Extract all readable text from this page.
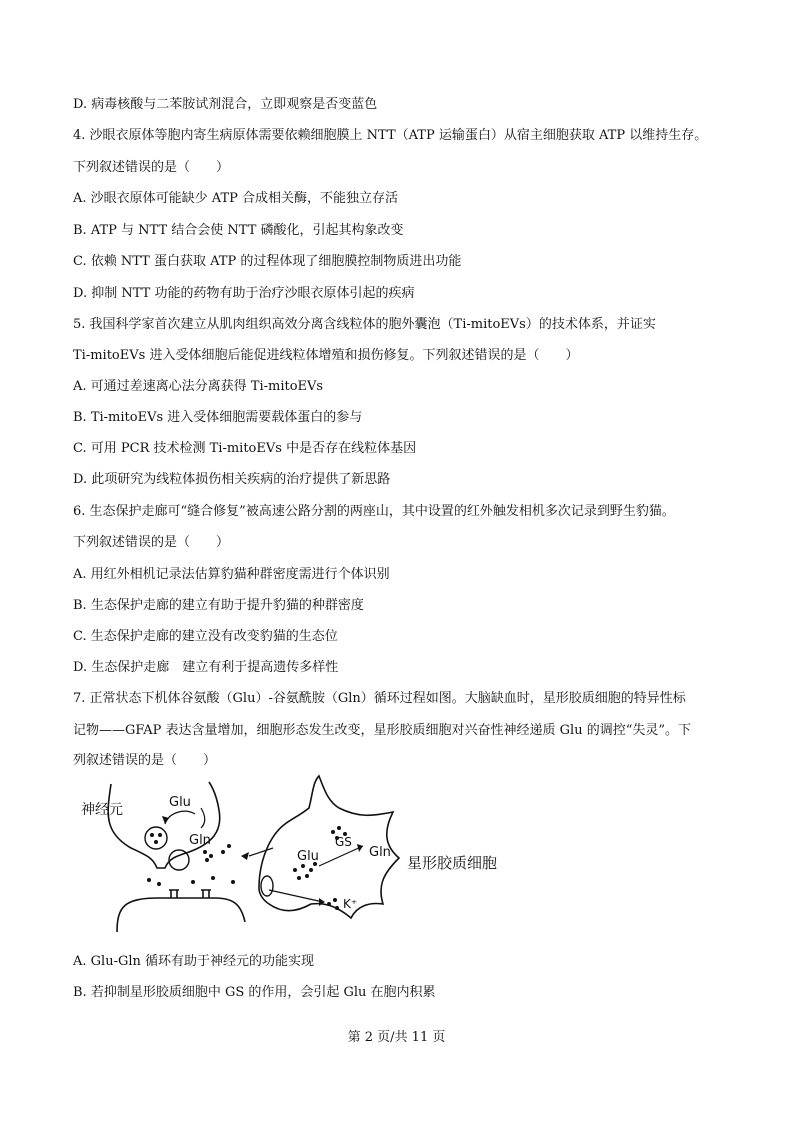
D. 病毒核酸与二苯胺试剂混合，立即观察是否变蓝色
4. 沙眼衣原体等胞内寄生病原体需要依赖细胞膜上 NTT（ATP 运输蛋白）从宿主细胞获取 ATP 以维持生存。
下列叙述错误的是（　　）
A. 沙眼衣原体可能缺少 ATP 合成相关酶，不能独立存活
B. ATP 与 NTT 结合会使 NTT 磷酸化，引起其构象改变
C. 依赖 NTT 蛋白获取 ATP 的过程体现了细胞膜控制物质进出功能
D. 抑制 NTT 功能的药物有助于治疗沙眼衣原体引起的疾病
5. 我国科学家首次建立从肌肉组织高效分离含线粒体的胞外囊泡（Ti-mitoEVs）的技术体系，并证实
Ti-mitoEVs 进入受体细胞后能促进线粒体增殖和损伤修复。下列叙述错误的是（　　）
A. 可通过差速离心法分离获得 Ti-mitoEVs
B. Ti-mitoEVs 进入受体细胞需要载体蛋白的参与
C. 可用 PCR 技术检测 Ti-mitoEVs 中是否存在线粒体基因
D. 此项研究为线粒体损伤相关疾病的治疗提供了新思路
6. 生态保护走廊可“缝合修复”被高速公路分割的两座山，其中设置的红外触发相机多次记录到野生豹猫。
下列叙述错误的是（　　）
A. 用红外相机记录法估算豹猫种群密度需进行个体识别
B. 生态保护走廊的建立有助于提升豹猫的种群密度
C. 生态保护走廊的建立没有改变豹猫的生态位
D. 生态保护走廊　建立有利于提高遗传多样性
7. 正常状态下机体谷氨酸（Glu）-谷氨酰胺（Gln）循环过程如图。大脑缺血时，星形胶质细胞的特异性标
记物——GFAP 表达含量增加，细胞形态发生改变，星形胶质细胞对兴奋性神经递质 Glu 的调控“失灵”。下
列叙述错误的是（　　）
神经元	Glu
Gln
Glu
GS
Gln
星形胶质细胞
K⁺
A. Glu-Gln 循环有助于神经元的功能实现
B. 若抑制星形胶质细胞中 GS 的作用，会引起 Glu 在胞内积累
第 2 页/共 11 页
